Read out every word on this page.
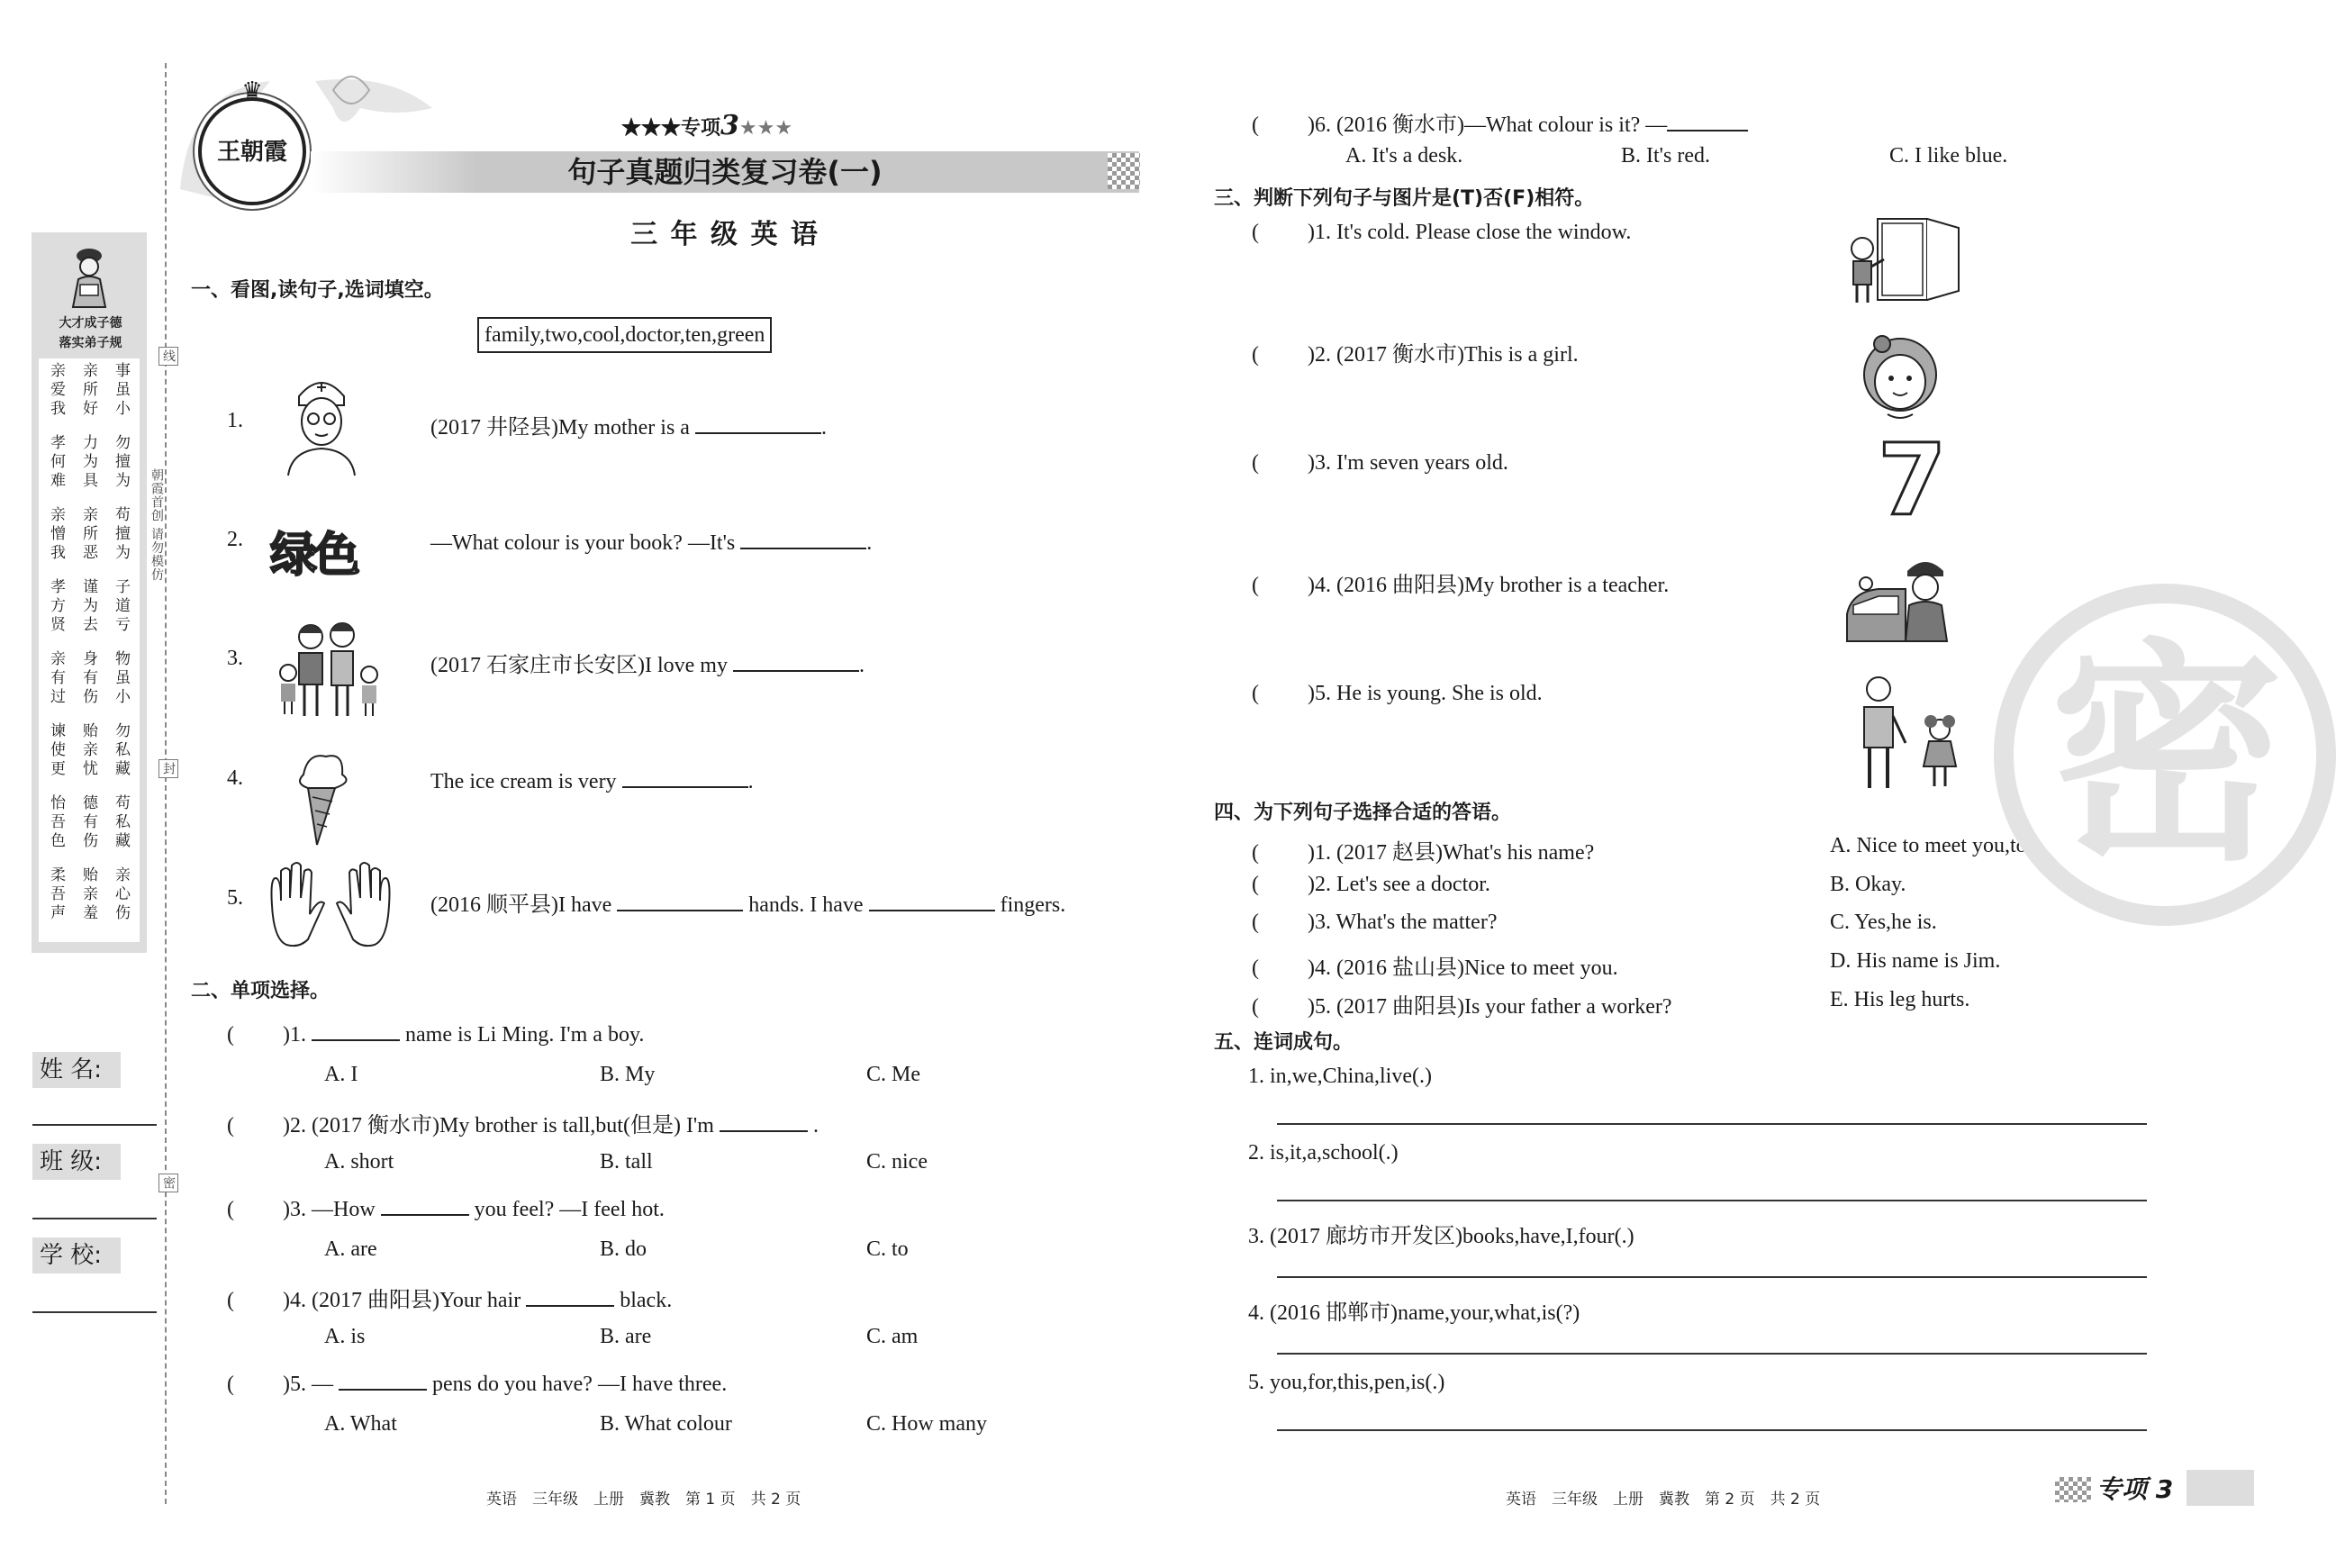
大才成子德
落实弟子规
亲爱我
亲所好
事虽小
孝何难
力为具
勿擅为
亲憎我
亲所恶
苟擅为
孝方贤
谨为去
子道亏
亲有过
身有伤
物虽小
谏使更
贻亲忧
勿私藏
怡吾色
德有伤
苟私藏
柔吾声
贻亲羞
亲心伤
线
封
密
朝霞首创 请勿模仿
姓 名:
班 级:
学 校:
♛
王朝霞
★★★专项3★★★
句子真题归类复习卷(一)
三 年 级 英 语
一、看图,读句子,选词填空。
family,two,cool,doctor,ten,green
绿色
1.	(2017 井陉县)My mother is a	.
2.	—What colour is your book? —It's	.
3.	(2017 石家庄市长安区)I love my	.
4.	The ice cream is very	.
5.	(2016 顺平县)I have	hands. I have	fingers.
二、单项选择。
( )1.	name is Li Ming. I'm a boy.
A. I	B. My	C. Me
( )2. (2017 衡水市)My brother is tall,but(但是) I'm	.
A. short	B. tall	C. nice
( )3. —How	you feel? —I feel hot.
A. are	B. do	C. to
( )4. (2017 曲阳县)Your hair	black.
A. is	B. are	C. am
( )5. —	pens do you have? —I have three.
A. What	B. What colour	C. How many
英语　三年级　上册　冀教　第 1 页　共 2 页
( )6. (2016 衡水市)—What colour is it? —
A. It's a desk.	B. It's red.	C. I like blue.
三、判断下列句子与图片是(T)否(F)相符。
( )1. It's cold. Please close the window.
( )2. (2017 衡水市)This is a girl.
( )3. I'm seven years old.
( )4. (2016 曲阳县)My brother is a teacher.
( )5. He is young. She is old.
7
四、为下列句子选择合适的答语。
( )1. (2017 赵县)What's his name?	A. Nice to meet you,too.
( )2. Let's see a doctor.	B. Okay.
( )3. What's the matter?	C. Yes,he is.
( )4. (2016 盐山县)Nice to meet you.	D. His name is Jim.
( )5. (2017 曲阳县)Is your father a worker?	E. His leg hurts.
五、连词成句。
1. in,we,China,live(.)
2. is,it,a,school(.)
3. (2017 廊坊市开发区)books,have,I,four(.)
4. (2016 邯郸市)name,your,what,is(?)
5. you,for,this,pen,is(.)
密
英语　三年级　上册　冀教　第 2 页　共 2 页	专项 3
